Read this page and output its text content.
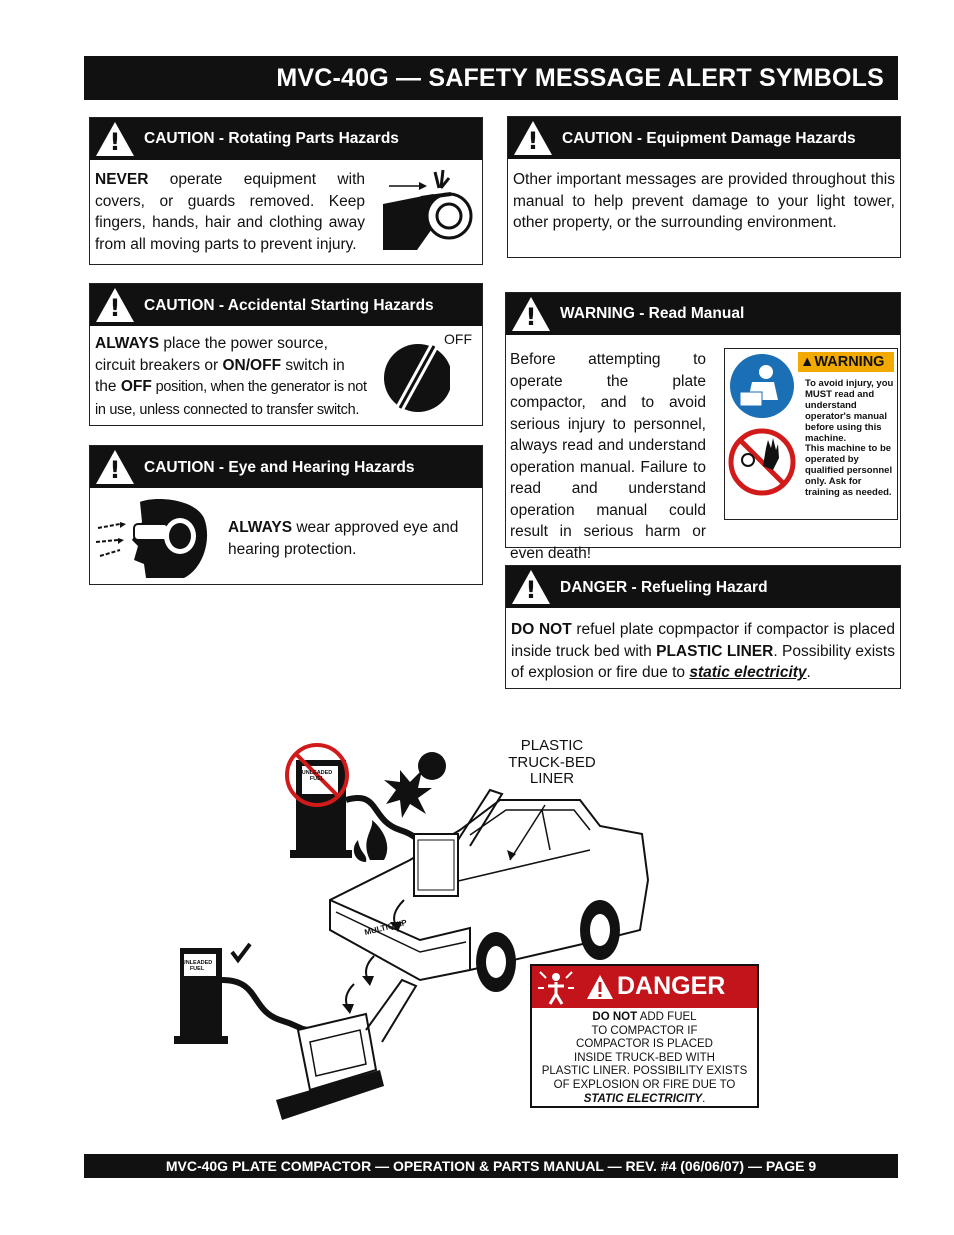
MVC-40G — SAFETY MESSAGE ALERT SYMBOLS
!
CAUTION - Rotating Parts Hazards
NEVER operate equipment with covers, or guards removed. Keep fingers, hands, hair and clothing away from all moving parts to prevent injury.
!
CAUTION - Accidental Starting Hazards
ALWAYS place the power source, circuit breakers or ON/OFF switch in the OFF position, when the generator is not in use, unless connected to transfer switch.
OFF
!
CAUTION - Eye and Hearing Hazards
ALWAYS wear approved eye and hearing protection.
!
CAUTION - Equipment Damage Hazards
Other important messages are provided throughout this manual to help prevent damage to your light tower, other property, or the surrounding environment.
!
WARNING - Read Manual
Before attempting to operate the plate compactor, and to avoid serious injury to personnel, always read and understand operation manual. Failure to read and understand operation manual could result in serious harm or even death!
▲WARNING
To avoid injury, you MUST read and understand operator's manual before using this machine.
This machine to be operated by qualified personnel only. Ask for training as needed.
!
DANGER - Refueling Hazard
DO NOT refuel plate copmpactor if compactor is placed inside truck bed with PLASTIC LINER. Possibility exists of explosion or fire due to static electricity.
PLASTIC
TRUCK-BED
LINER
UNLEADED
FUEL
UNLEADED
FUEL
MULTIQUIP
DANGER
DO NOT ADD FUEL
TO COMPACTOR IF
COMPACTOR IS PLACED
INSIDE TRUCK-BED WITH
PLASTIC LINER. POSSIBILITY EXISTS
OF EXPLOSION OR FIRE DUE TO
STATIC ELECTRICITY.
MVC-40G PLATE COMPACTOR — OPERATION & PARTS MANUAL — REV. #4 (06/06/07) — PAGE 9
